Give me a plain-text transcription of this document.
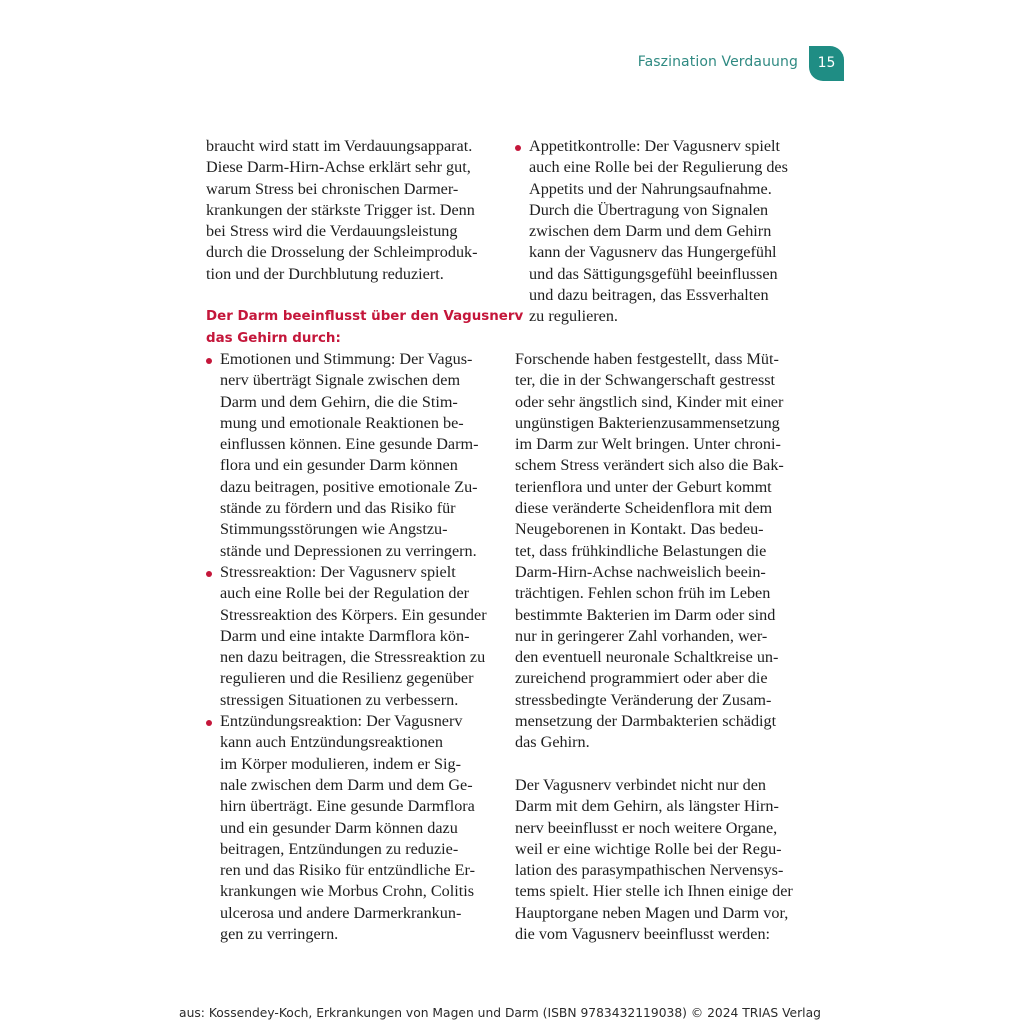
Faszination Verdauung	15
braucht wird statt im Verdauungsapparat.
Diese Darm-Hirn-Achse erklärt sehr gut,
warum Stress bei chronischen Darmer-
krankungen der stärkste Trigger ist. Denn
bei Stress wird die Verdauungsleistung
durch die Drosselung der Schleimproduk-
tion und der Durchblutung reduziert.
Der Darm beeinflusst über den Vagusnerv
das Gehirn durch:
Emotionen und Stimmung: Der Vagus-
nerv überträgt Signale zwischen dem
Darm und dem Gehirn, die die Stim-
mung und emotionale Reaktionen be-
einflussen können. Eine gesunde Darm-
flora und ein gesunder Darm können
dazu beitragen, positive emotionale Zu-
stände zu fördern und das Risiko für
Stimmungsstörungen wie Angstzu-
stände und Depressionen zu verringern.
Stressreaktion: Der Vagusnerv spielt
auch eine Rolle bei der Regulation der
Stressreaktion des Körpers. Ein gesunder
Darm und eine intakte Darmflora kön-
nen dazu beitragen, die Stressreaktion zu
regulieren und die Resilienz gegenüber
stressigen Situationen zu verbessern.
Entzündungsreaktion: Der Vagusnerv
kann auch Entzündungsreaktionen
im Körper modulieren, indem er Sig-
nale zwischen dem Darm und dem Ge-
hirn überträgt. Eine gesunde Darmflora
und ein gesunder Darm können dazu
beitragen, Entzündungen zu reduzie-
ren und das Risiko für entzündliche Er-
krankungen wie Morbus Crohn, Colitis
ulcerosa und andere Darmerkrankun-
gen zu verringern.
Appetitkontrolle: Der Vagusnerv spielt
auch eine Rolle bei der Regulierung des
Appetits und der Nahrungsaufnahme.
Durch die Übertragung von Signalen
zwischen dem Darm und dem Gehirn
kann der Vagusnerv das Hungergefühl
und das Sättigungsgefühl beeinflussen
und dazu beitragen, das Essverhalten
zu regulieren.
Forschende haben festgestellt, dass Müt-
ter, die in der Schwangerschaft gestresst
oder sehr ängstlich sind, Kinder mit einer
ungünstigen Bakterienzusammensetzung
im Darm zur Welt bringen. Unter chroni-
schem Stress verändert sich also die Bak-
terienflora und unter der Geburt kommt
diese veränderte Scheidenflora mit dem
Neugeborenen in Kontakt. Das bedeu-
tet, dass frühkindliche Belastungen die
Darm-Hirn-Achse nachweislich beein-
trächtigen. Fehlen schon früh im Leben
bestimmte Bakterien im Darm oder sind
nur in geringerer Zahl vorhanden, wer-
den eventuell neuronale Schaltkreise un-
zureichend programmiert oder aber die
stressbedingte Veränderung der Zusam-
mensetzung der Darmbakterien schädigt
das Gehirn.
Der Vagusnerv verbindet nicht nur den
Darm mit dem Gehirn, als längster Hirn-
nerv beeinflusst er noch weitere Organe,
weil er eine wichtige Rolle bei der Regu-
lation des parasympathischen Nervensys-
tems spielt. Hier stelle ich Ihnen einige der
Hauptorgane neben Magen und Darm vor,
die vom Vagusnerv beeinflusst werden:
aus: Kossendey-Koch, Erkrankungen von Magen und Darm (ISBN 9783432119038) © 2024 TRIAS Verlag
